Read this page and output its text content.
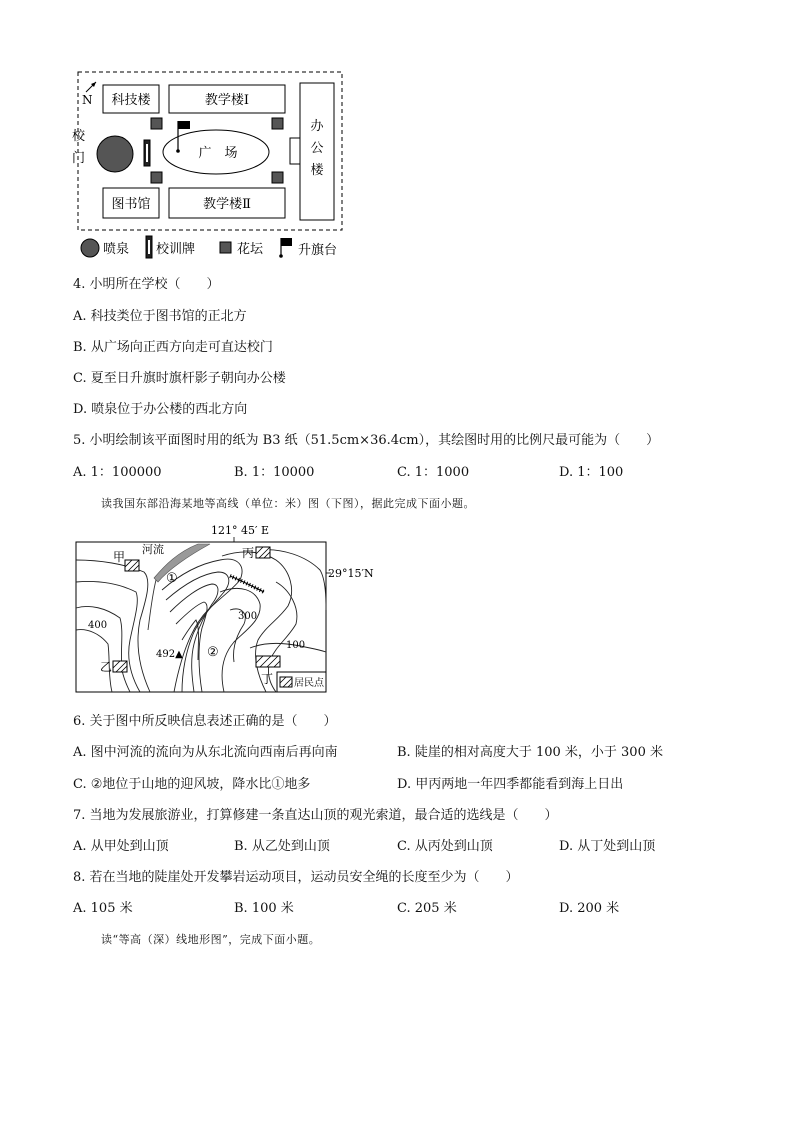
N
校
门
科技楼	教学楼Ⅰ
图书馆	教学楼Ⅱ
办
公
楼
广　场
喷泉 校训牌	花坛	升旗台
4. 小明所在学校（　　）
A. 科技类位于图书馆的正北方
B. 从广场向正西方向走可直达校门
C. 夏至日升旗时旗杆影子朝向办公楼
D. 喷泉位于办公楼的西北方向
5. 小明绘制该平面图时用的纸为 B3 纸（51.5cm×36.4cm），其绘图时用的比例尺最可能为（　　）
A. 1：100000	B. 1：10000	C. 1：1000	D. 1：100
读我国东部沿海某地等高线（单位：米）图（下图），据此完成下面小题。
121° 45′ E
29°15′N
甲	丙
乙
丁
河流
①
②
400
300
100
492▲
居民点
6. 关于图中所反映信息表述正确的是（　　）
A. 图中河流的流向为从东北流向西南后再向南	B. 陡崖的相对高度大于 100 米，小于 300 米
C. ②地位于山地的迎风坡，降水比①地多	D. 甲丙两地一年四季都能看到海上日出
7. 当地为发展旅游业，打算修建一条直达山顶的观光索道，最合适的选线是（　　）
A. 从甲处到山顶	B. 从乙处到山顶	C. 从丙处到山顶	D. 从丁处到山顶
8. 若在当地的陡崖处开发攀岩运动项目，运动员安全绳的长度至少为（　　）
A. 105 米	B. 100 米	C. 205 米	D. 200 米
读“等高（深）线地形图”，完成下面小题。
